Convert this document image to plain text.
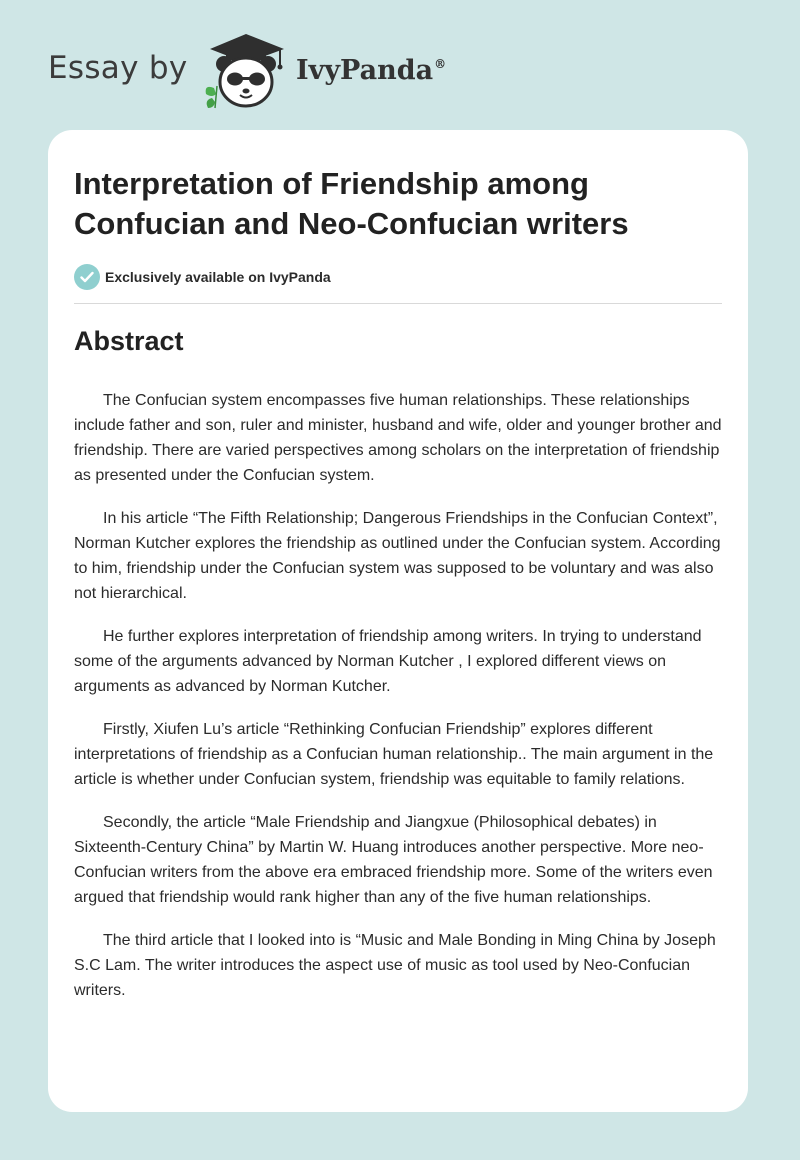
Essay by	IvyPanda®
Interpretation of Friendship among Confucian and Neo-Confucian writers
Exclusively available on IvyPanda
Abstract

The Confucian system encompasses five human relationships. These relationships include father and son, ruler and minister, husband and wife, older and younger brother and friendship. There are varied perspectives among scholars on the interpretation of friendship as presented under the Confucian system.

In his article “The Fifth Relationship; Dangerous Friendships in the Confucian Context”, Norman Kutcher explores the friendship as outlined under the Confucian system. According to him, friendship under the Confucian system was supposed to be voluntary and was also not hierarchical.

He further explores interpretation of friendship among writers. In trying to understand some of the arguments advanced by Norman Kutcher , I explored different views on arguments as advanced by Norman Kutcher.

Firstly, Xiufen Lu’s article “Rethinking Confucian Friendship” explores different interpretations of friendship as a Confucian human relationship.. The main argument in the article is whether under Confucian system, friendship was equitable to family relations.

Secondly, the article “Male Friendship and Jiangxue (Philosophical debates) in Sixteenth-Century China” by Martin W. Huang introduces another perspective. More neo-Confucian writers from the above era embraced friendship more. Some of the writers even argued that friendship would rank higher than any of the five human relationships.

The third article that I looked into is “Music and Male Bonding in Ming China by Joseph S.C Lam. The writer introduces the aspect use of music as tool used by Neo-Confucian writers.
